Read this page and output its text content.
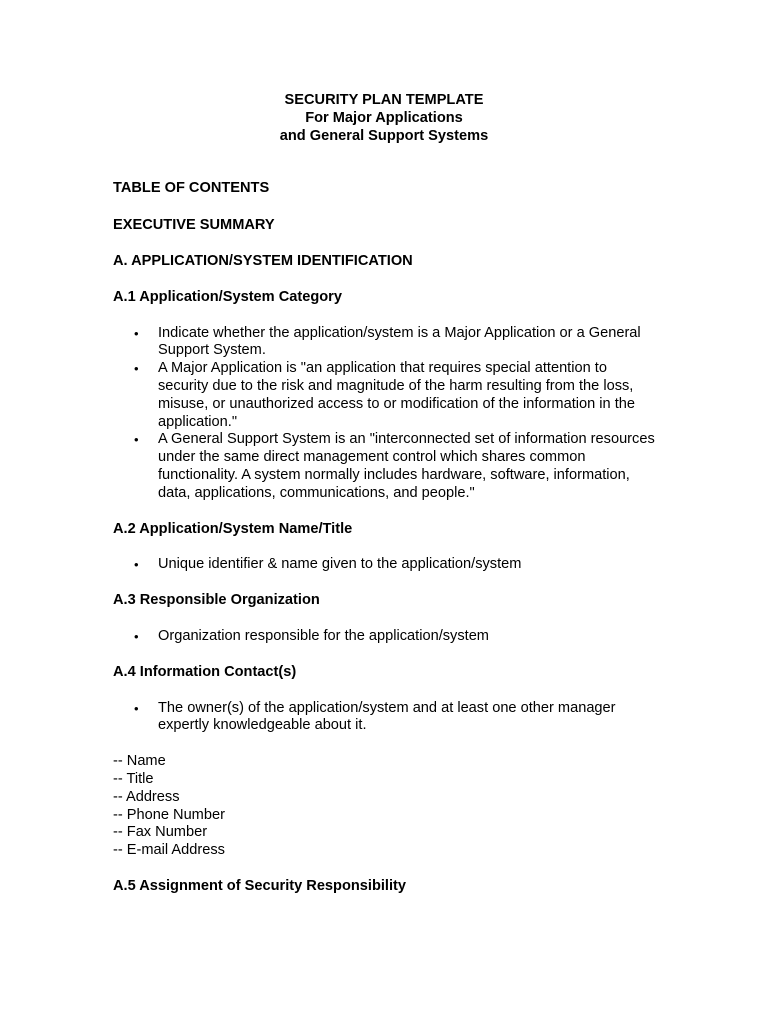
SECURITY PLAN TEMPLATE
For Major Applications
and General Support Systems

TABLE OF CONTENTS

EXECUTIVE SUMMARY

A. APPLICATION/SYSTEM IDENTIFICATION

A.1 Application/System Category

• Indicate whether the application/system is a Major Application or a General Support System.
• A Major Application is "an application that requires special attention to security due to the risk and magnitude of the harm resulting from the loss, misuse, or unauthorized access to or modification of the information in the application."
• A General Support System is an "interconnected set of information resources under the same direct management control which shares common functionality. A system normally includes hardware, software, information, data, applications, communications, and people."

A.2 Application/System Name/Title

• Unique identifier & name given to the application/system

A.3 Responsible Organization

• Organization responsible for the application/system

A.4 Information Contact(s)

• The owner(s) of the application/system and at least one other manager expertly knowledgeable about it.
-- Name
-- Title
-- Address
-- Phone Number
-- Fax Number
-- E-mail Address

A.5 Assignment of Security Responsibility
